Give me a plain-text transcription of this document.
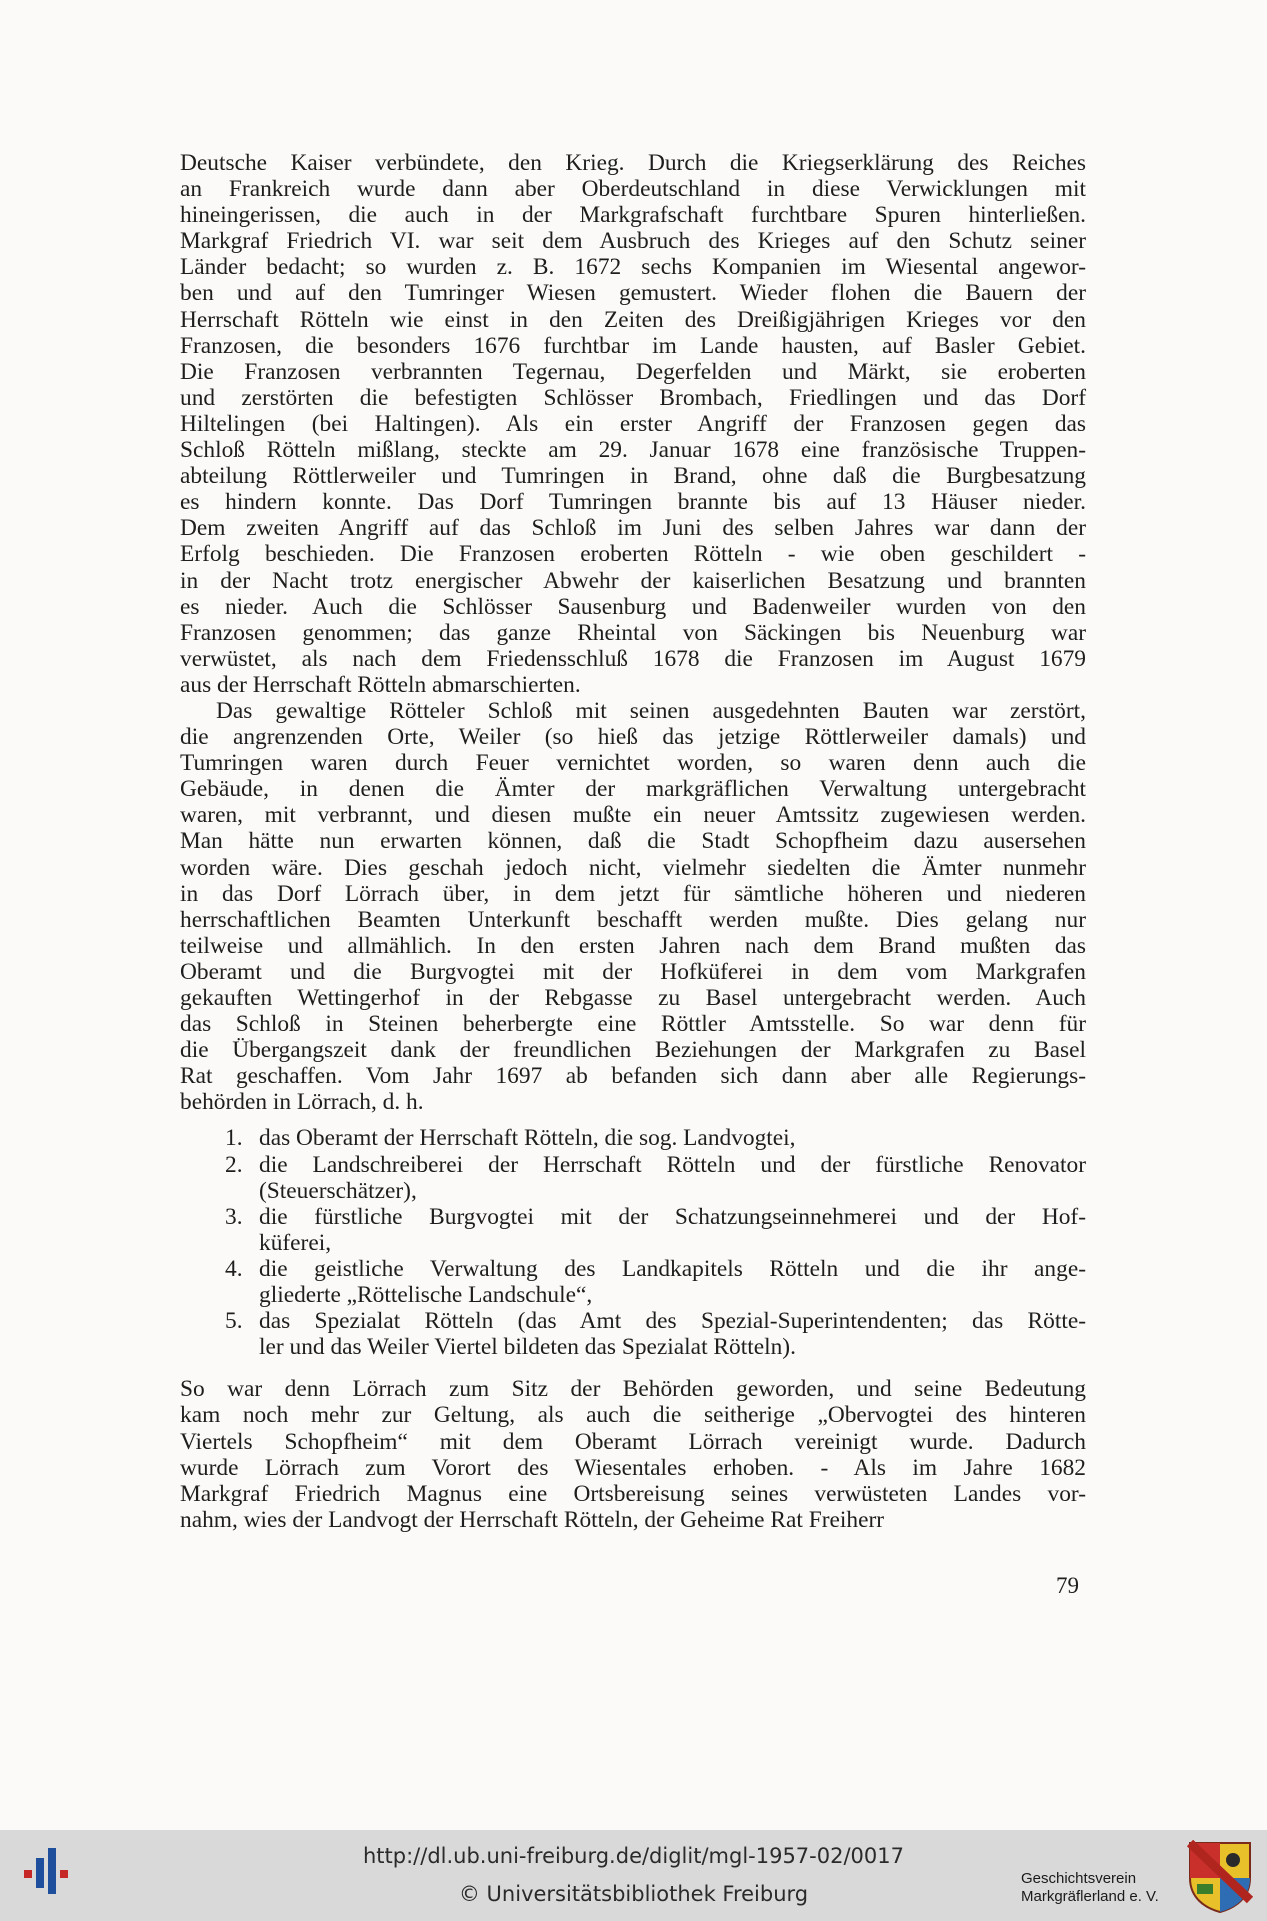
Deutsche Kaiser verbündete, den Krieg. Durch die Kriegserklärung des Reiches
an Frankreich wurde dann aber Oberdeutschland in diese Verwicklungen mit
hineingerissen, die auch in der Markgrafschaft furchtbare Spuren hinterließen.
Markgraf Friedrich VI. war seit dem Ausbruch des Krieges auf den Schutz seiner
Länder bedacht; so wurden z. B. 1672 sechs Kompanien im Wiesental angewor-
ben und auf den Tumringer Wiesen gemustert. Wieder flohen die Bauern der
Herrschaft Rötteln wie einst in den Zeiten des Dreißigjährigen Krieges vor den
Franzosen, die besonders 1676 furchtbar im Lande hausten, auf Basler Gebiet.
Die Franzosen verbrannten Tegernau, Degerfelden und Märkt, sie eroberten
und zerstörten die befestigten Schlösser Brombach, Friedlingen und das Dorf
Hiltelingen (bei Haltingen). Als ein erster Angriff der Franzosen gegen das
Schloß Rötteln mißlang, steckte am 29. Januar 1678 eine französische Truppen-
abteilung Röttlerweiler und Tumringen in Brand, ohne daß die Burgbesatzung
es hindern konnte. Das Dorf Tumringen brannte bis auf 13 Häuser nieder.
Dem zweiten Angriff auf das Schloß im Juni des selben Jahres war dann der
Erfolg beschieden. Die Franzosen eroberten Rötteln - wie oben geschildert -
in der Nacht trotz energischer Abwehr der kaiserlichen Besatzung und brannten
es nieder. Auch die Schlösser Sausenburg und Badenweiler wurden von den
Franzosen genommen; das ganze Rheintal von Säckingen bis Neuenburg war
verwüstet, als nach dem Friedensschluß 1678 die Franzosen im August 1679
aus der Herrschaft Rötteln abmarschierten.
Das gewaltige Rötteler Schloß mit seinen ausgedehnten Bauten war zerstört,
die angrenzenden Orte, Weiler (so hieß das jetzige Röttlerweiler damals) und
Tumringen waren durch Feuer vernichtet worden, so waren denn auch die
Gebäude, in denen die Ämter der markgräflichen Verwaltung untergebracht
waren, mit verbrannt, und diesen mußte ein neuer Amtssitz zugewiesen werden.
Man hätte nun erwarten können, daß die Stadt Schopfheim dazu ausersehen
worden wäre. Dies geschah jedoch nicht, vielmehr siedelten die Ämter nunmehr
in das Dorf Lörrach über, in dem jetzt für sämtliche höheren und niederen
herrschaftlichen Beamten Unterkunft beschafft werden mußte. Dies gelang nur
teilweise und allmählich. In den ersten Jahren nach dem Brand mußten das
Oberamt und die Burgvogtei mit der Hofküferei in dem vom Markgrafen
gekauften Wettingerhof in der Rebgasse zu Basel untergebracht werden. Auch
das Schloß in Steinen beherbergte eine Röttler Amtsstelle. So war denn für
die Übergangszeit dank der freundlichen Beziehungen der Markgrafen zu Basel
Rat geschaffen. Vom Jahr 1697 ab befanden sich dann aber alle Regierungs-
behörden in Lörrach, d. h.
1. das Oberamt der Herrschaft Rötteln, die sog. Landvogtei,
2. die Landschreiberei der Herrschaft Rötteln und der fürstliche Renovator
(Steuerschätzer),
3. die fürstliche Burgvogtei mit der Schatzungseinnehmerei und der Hof-
küferei,
4. die geistliche Verwaltung des Landkapitels Rötteln und die ihr ange-
gliederte „Röttelische Landschule“,
5. das Spezialat Rötteln (das Amt des Spezial-Superintendenten; das Rötte-
ler und das Weiler Viertel bildeten das Spezialat Rötteln).
So war denn Lörrach zum Sitz der Behörden geworden, und seine Bedeutung
kam noch mehr zur Geltung, als auch die seitherige „Obervogtei des hinteren
Viertels Schopfheim“ mit dem Oberamt Lörrach vereinigt wurde. Dadurch
wurde Lörrach zum Vorort des Wiesentales erhoben. - Als im Jahre 1682
Markgraf Friedrich Magnus eine Ortsbereisung seines verwüsteten Landes vor-
nahm, wies der Landvogt der Herrschaft Rötteln, der Geheime Rat Freiherr
79
http://dl.ub.uni-freiburg.de/diglit/mgl-1957-02/0017
© Universitätsbibliothek Freiburg
Geschichtsverein
Markgräflerland e. V.
